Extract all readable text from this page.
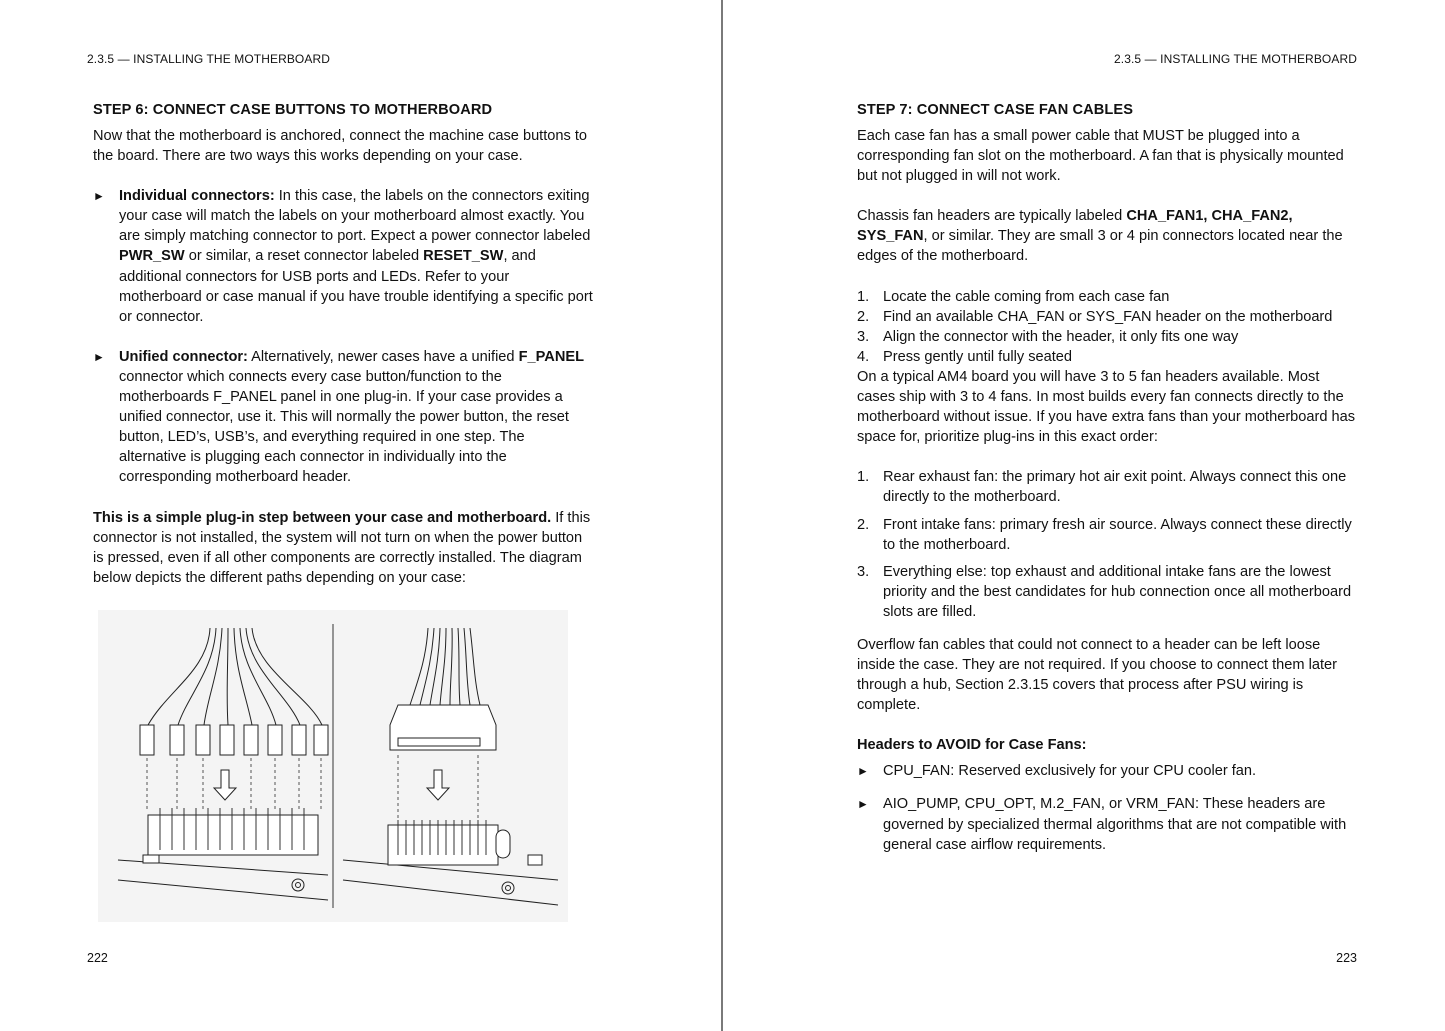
2.3.5 — INSTALLING THE MOTHERBOARD
STEP 6: CONNECT CASE BUTTONS TO MOTHERBOARD

Now that the motherboard is anchored, connect the machine case buttons to the board. There are two ways this works depending on your case.

► Individual connectors: In this case, the labels on the connectors exiting your case will match the labels on your motherboard almost exactly. You are simply matching connector to port. Expect a power connector labeled PWR_SW or similar, a reset connector labeled RESET_SW, and additional connectors for USB ports and LEDs. Refer to your motherboard or case manual if you have trouble identifying a specific port or connector.
► Unified connector: Alternatively, newer cases have a unified F_PANEL connector which connects every case button/function to the motherboards F_PANEL panel in one plug-in. If your case provides a unified connector, use it. This will normally the power button, the reset button, LED’s, USB’s, and everything required in one step. The alternative is plugging each connector in individually into the corresponding motherboard header.

This is a simple plug-in step between your case and motherboard. If this connector is not installed, the system will not turn on when the power button is pressed, even if all other components are correctly installed. The diagram below depicts the different paths depending on your case:

222
2.3.5 — INSTALLING THE MOTHERBOARD
STEP 7: CONNECT CASE FAN CABLES

Each case fan has a small power cable that MUST be plugged into a corresponding fan slot on the motherboard. A fan that is physically mounted but not plugged in will not work.

Chassis fan headers are typically labeled CHA_FAN1, CHA_FAN2, SYS_FAN, or similar. They are small 3 or 4 pin connectors located near the edges of the motherboard.

1. Locate the cable coming from each case fan
2. Find an available CHA_FAN or SYS_FAN header on the motherboard
3. Align the connector with the header, it only fits one way
4. Press gently until fully seated

On a typical AM4 board you will have 3 to 5 fan headers available. Most cases ship with 3 to 4 fans. In most builds every fan connects directly to the motherboard without issue. If you have extra fans than your motherboard has space for, prioritize plug-ins in this exact order:

1. Rear exhaust fan: the primary hot air exit point. Always connect this one directly to the motherboard.
2. Front intake fans: primary fresh air source. Always connect these directly to the motherboard.
3. Everything else: top exhaust and additional intake fans are the lowest priority and the best candidates for hub connection once all motherboard slots are filled.

Overflow fan cables that could not connect to a header can be left loose inside the case. They are not required. If you choose to connect them later through a hub, Section 2.3.15 covers that process after PSU wiring is complete.

Headers to AVOID for Case Fans:
► CPU_FAN: Reserved exclusively for your CPU cooler fan.
► AIO_PUMP, CPU_OPT, M.2_FAN, or VRM_FAN: These headers are governed by specialized thermal algorithms that are not compatible with general case airflow requirements.
223
